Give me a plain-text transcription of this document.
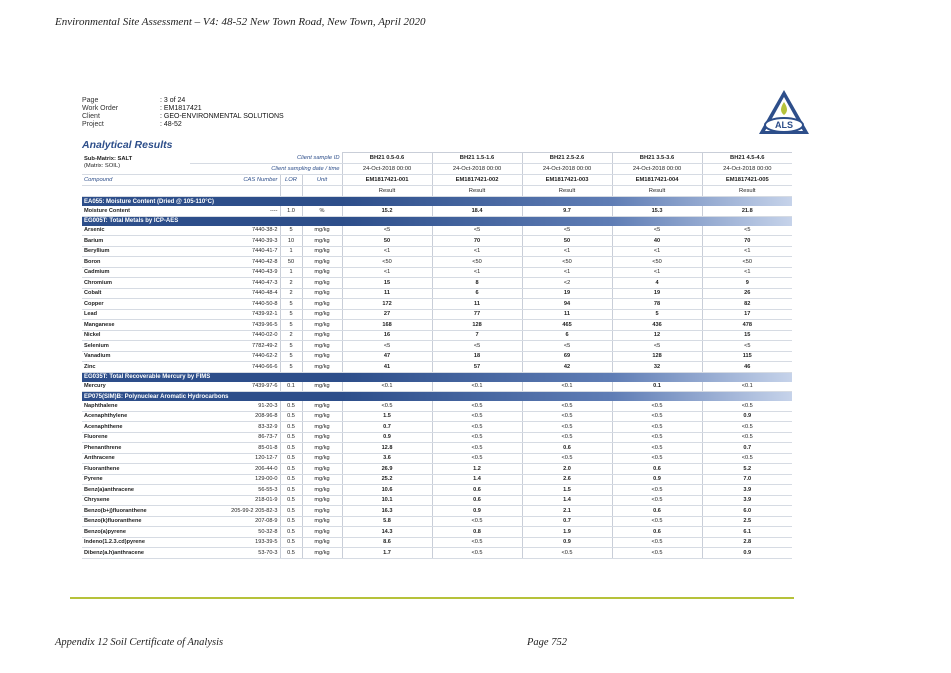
Environmental Site Assessment – V4: 48-52 New Town Road, New Town, April 2020
Page	: 3 of 24
Work Order	: EM1817421
Client	: GEO-ENVIRONMENTAL SOLUTIONS
Project	: 48-52	ALS
Analytical Results
Sub-Matrix: SALT
(Matrix: SOIL)	Client sample ID			BH21 0.5-0.6	BH21 1.5-1.6	BH21 2.5-2.6	BH21 3.5-3.6	BH21 4.5-4.6
	Client sampling date / time			24-Oct-2018 00:00	24-Oct-2018 00:00	24-Oct-2018 00:00	24-Oct-2018 00:00	24-Oct-2018 00:00
Compound	CAS Number	LOR	Unit	EM1817421-001	EM1817421-002	EM1817421-003	EM1817421-004	EM1817421-005
				Result	Result	Result	Result	Result
EA055: Moisture Content (Dried @ 105-110°C)								
Moisture Content	----	1.0	%	15.2	18.4	9.7	15.3	21.8
EG005T: Total Metals by ICP-AES								
Arsenic	7440-38-2	5	mg/kg	<5	<5	<5	<5	<5
Barium	7440-39-3	10	mg/kg	50	70	50	40	70
Beryllium	7440-41-7	1	mg/kg	<1	<1	<1	<1	<1
Boron	7440-42-8	50	mg/kg	<50	<50	<50	<50	<50
Cadmium	7440-43-9	1	mg/kg	<1	<1	<1	<1	<1
Chromium	7440-47-3	2	mg/kg	15	8	<2	4	9
Cobalt	7440-48-4	2	mg/kg	11	6	19	19	26
Copper	7440-50-8	5	mg/kg	172	11	94	78	82
Lead	7439-92-1	5	mg/kg	27	77	11	5	17
Manganese	7439-96-5	5	mg/kg	168	128	465	436	478
Nickel	7440-02-0	2	mg/kg	16	7	6	12	15
Selenium	7782-49-2	5	mg/kg	<5	<5	<5	<5	<5
Vanadium	7440-62-2	5	mg/kg	47	18	69	128	115
Zinc	7440-66-6	5	mg/kg	41	57	42	32	46
EG035T: Total Recoverable Mercury by FIMS								
Mercury	7439-97-6	0.1	mg/kg	<0.1	<0.1	<0.1	0.1	<0.1
EP075(SIM)B: Polynuclear Aromatic Hydrocarbons								
Naphthalene	91-20-3	0.5	mg/kg	<0.5	<0.5	<0.5	<0.5	<0.5
Acenaphthylene	208-96-8	0.5	mg/kg	1.5	<0.5	<0.5	<0.5	0.9
Acenaphthene	83-32-9	0.5	mg/kg	0.7	<0.5	<0.5	<0.5	<0.5
Fluorene	86-73-7	0.5	mg/kg	0.9	<0.5	<0.5	<0.5	<0.5
Phenanthrene	85-01-8	0.5	mg/kg	12.8	<0.5	0.6	<0.5	0.7
Anthracene	120-12-7	0.5	mg/kg	3.6	<0.5	<0.5	<0.5	<0.5
Fluoranthene	206-44-0	0.5	mg/kg	26.9	1.2	2.0	0.6	5.2
Pyrene	129-00-0	0.5	mg/kg	25.2	1.4	2.6	0.9	7.0
Benz(a)anthracene	56-55-3	0.5	mg/kg	10.6	0.6	1.5	<0.5	3.9
Chrysene	218-01-9	0.5	mg/kg	10.1	0.6	1.4	<0.5	3.9
Benzo(b+j)fluoranthene	205-99-2 205-82-3	0.5	mg/kg	16.3	0.9	2.1	0.6	6.0
Benzo(k)fluoranthene	207-08-9	0.5	mg/kg	5.8	<0.5	0.7	<0.5	2.5
Benzo(a)pyrene	50-32-8	0.5	mg/kg	14.3	0.8	1.9	0.6	6.1
Indeno(1.2.3.cd)pyrene	193-39-5	0.5	mg/kg	8.6	<0.5	0.9	<0.5	2.8
Dibenz(a.h)anthracene	53-70-3	0.5	mg/kg	1.7	<0.5	<0.5	<0.5	0.9
Appendix 12 Soil Certificate of Analysis	Page 752
